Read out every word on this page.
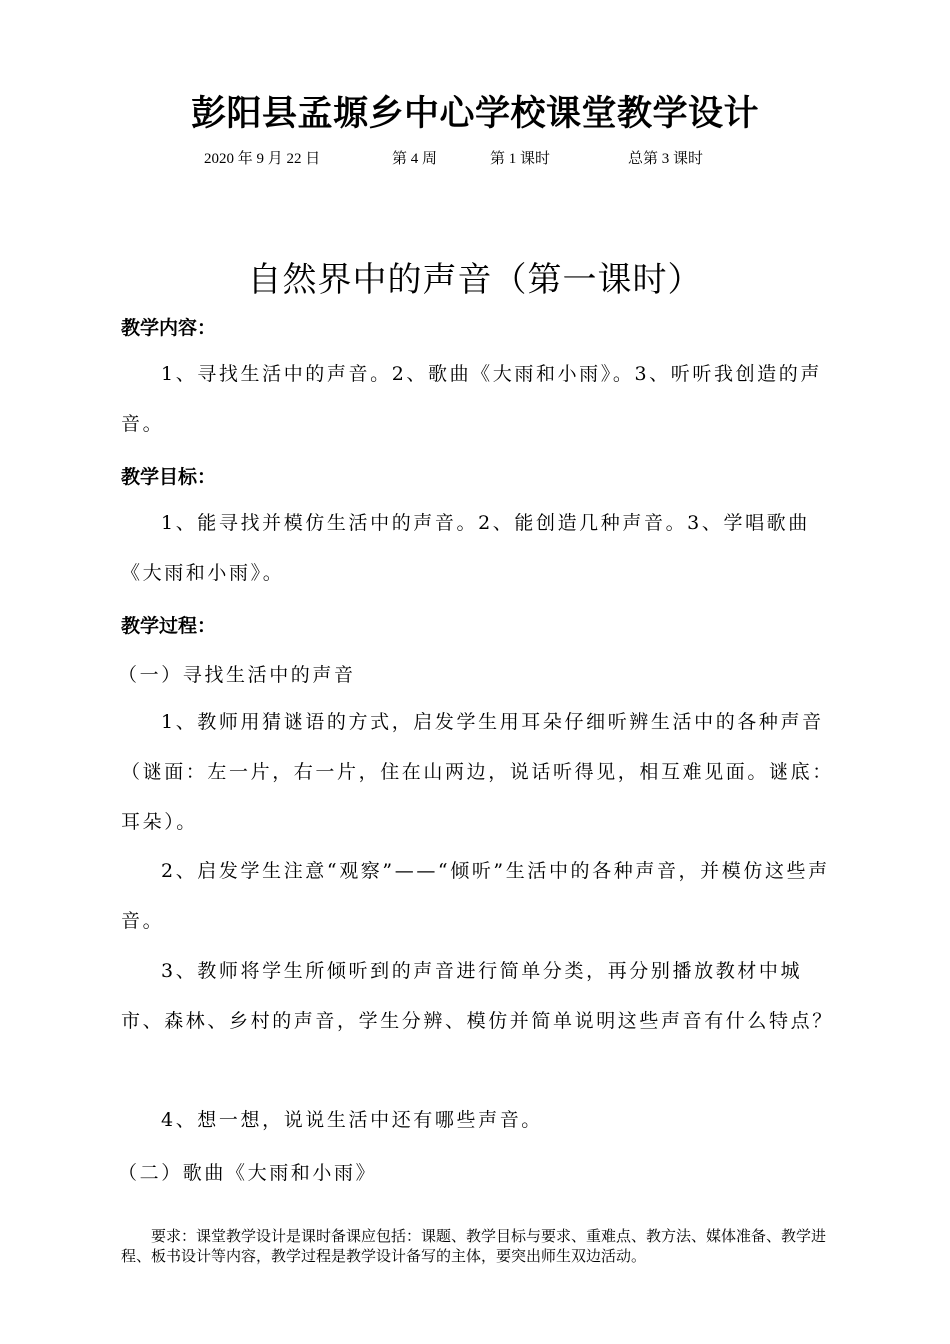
彭阳县孟塬乡中心学校课堂教学设计
2020 年 9 月 22 日	第 4 周	第 1 课时	总第 3 课时
自然界中的声音（第一课时）
教学内容：

1、寻找生活中的声音。2、歌曲《大雨和小雨》。3、听听我创造的声音。

教学目标：

1、能寻找并模仿生活中的声音。2、能创造几种声音。3、学唱歌曲《大雨和小雨》。

教学过程：
（一）寻找生活中的声音

1、教师用猜谜语的方式，启发学生用耳朵仔细听辨生活中的各种声音（谜面：左一片，右一片，住在山两边，说话听得见，相互难见面。谜底：耳朵）。

2、启发学生注意“观察”——“倾听”生活中的各种声音，并模仿这些声音。

3、教师将学生所倾听到的声音进行简单分类，再分别播放教材中城市、森林、乡村的声音，学生分辨、模仿并简单说明这些声音有什么特点？

4、想一想，说说生活中还有哪些声音。

（二）歌曲《大雨和小雨》

要求：课堂教学设计是课时备课应包括：课题、教学目标与要求、重难点、教方法、媒体准备、教学进程、板书设计等内容，教学过程是教学设计备写的主体，要突出师生双边活动。
